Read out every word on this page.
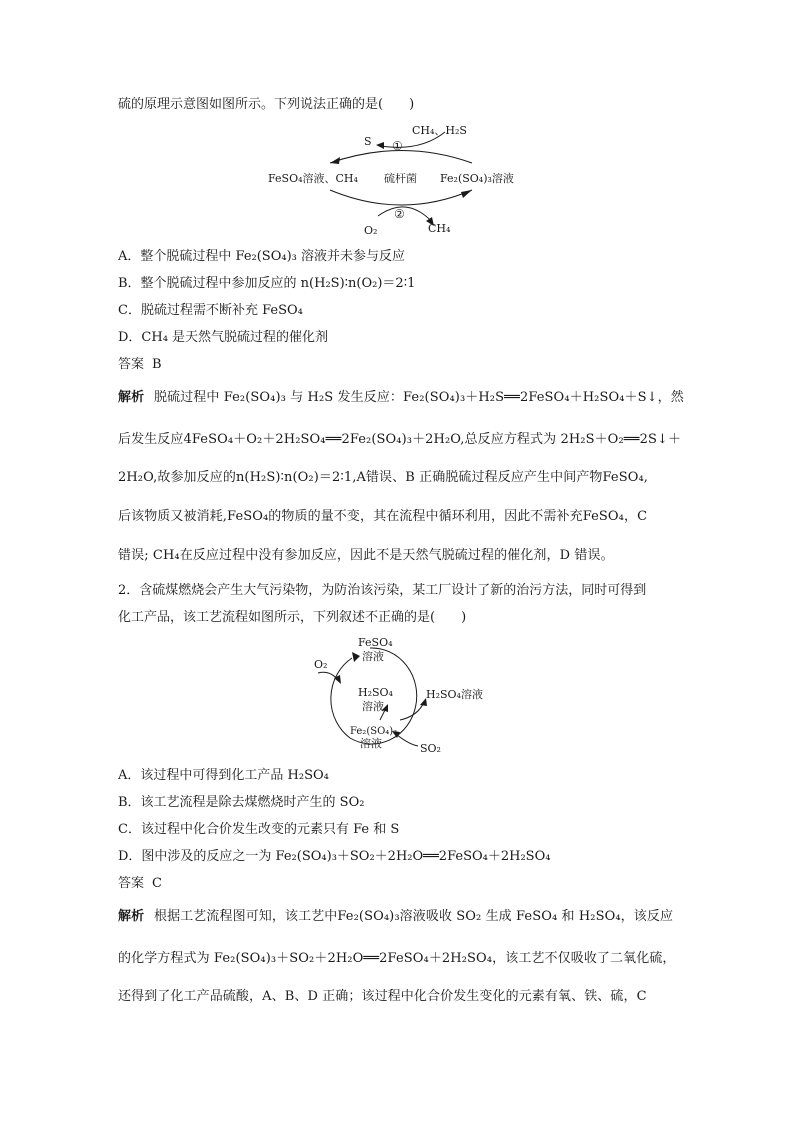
硫的原理示意图如图所示。下列说法正确的是(　　)
S
CH₄、H₂S
①
FeSO₄溶液、CH₄ 硫杆菌 Fe₂(SO₄)₃溶液
②
O₂	CH₄
A．整个脱硫过程中 Fe₂(SO₄)₃ 溶液并未参与反应
B．整个脱硫过程中参加反应的 n(H₂S)∶n(O₂)＝2∶1
C．脱硫过程需不断补充 FeSO₄
D．CH₄ 是天然气脱硫过程的催化剂
答案 B
解析 脱硫过程中 Fe₂(SO₄)₃ 与 H₂S 发生反应：Fe₂(SO₄)₃＋H₂S══2FeSO₄＋H₂SO₄＋S↓，然
后发生反应4FeSO₄＋O₂＋2H₂SO₄══2Fe₂(SO₄)₃＋2H₂O,总反应方程式为 2H₂S＋O₂══2S↓＋
2H₂O,故参加反应的n(H₂S)∶n(O₂)＝2∶1,A错误、B 正确脱硫过程反应产生中间产物FeSO₄,
后该物质又被消耗,FeSO₄的物质的量不变，其在流程中循环利用，因此不需补充FeSO₄，C
错误; CH₄在反应过程中没有参加反应，因此不是天然气脱硫过程的催化剂，D 错误。
2．含硫煤燃烧会产生大气污染物，为防治该污染，某工厂设计了新的治污方法，同时可得到
化工产品，该工艺流程如图所示，下列叙述不正确的是(　　)
FeSO₄
溶液
O₂
H₂SO₄
溶液
H₂SO₄溶液
Fe₂(SO₄)₃
溶液	SO₂
A．该过程中可得到化工产品 H₂SO₄
B．该工艺流程是除去煤燃烧时产生的 SO₂
C．该过程中化合价发生改变的元素只有 Fe 和 S
D．图中涉及的反应之一为 Fe₂(SO₄)₃＋SO₂＋2H₂O══2FeSO₄＋2H₂SO₄
答案 C
解析 根据工艺流程图可知，该工艺中Fe₂(SO₄)₃溶液吸收 SO₂ 生成 FeSO₄ 和 H₂SO₄，该反应
的化学方程式为 Fe₂(SO₄)₃＋SO₂＋2H₂O══2FeSO₄＋2H₂SO₄，该工艺不仅吸收了二氧化硫，
还得到了化工产品硫酸，A、B、D 正确；该过程中化合价发生变化的元素有氧、铁、硫，C
